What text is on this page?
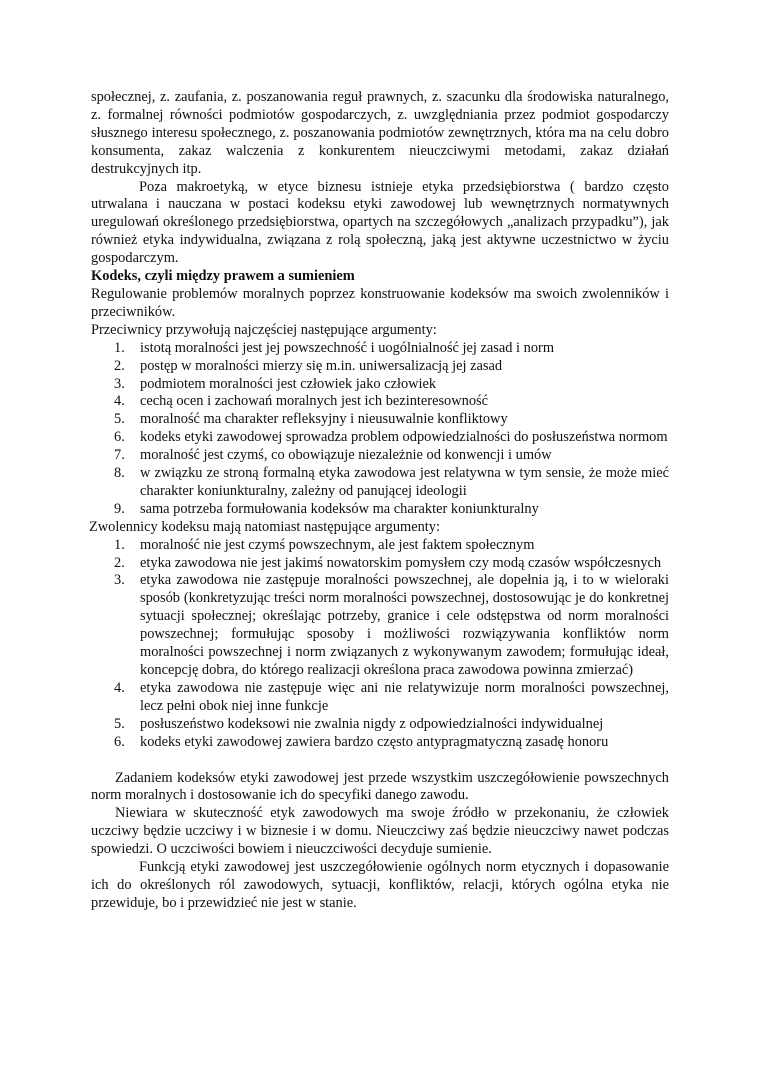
społecznej, z. zaufania, z. poszanowania reguł prawnych, z. szacunku dla środowiska naturalnego, z. formalnej równości podmiotów gospodarczych, z. uwzględniania przez podmiot gospodarczy słusznego interesu społecznego, z. poszanowania podmiotów zewnętrznych, która ma na celu dobro konsumenta, zakaz walczenia z konkurentem nieuczciwymi metodami, zakaz działań destrukcyjnych itp.

Poza makroetyką, w etyce biznesu istnieje etyka przedsiębiorstwa ( bardzo często utrwalana i nauczana w postaci kodeksu etyki zawodowej lub wewnętrznych normatywnych uregulowań określonego przedsiębiorstwa, opartych na szczegółowych „analizach przypadku”), jak również etyka indywidualna, związana z rolą społeczną, jaką jest aktywne uczestnictwo w życiu gospodarczym.

Kodeks, czyli między prawem a sumieniem

Regulowanie problemów moralnych poprzez konstruowanie kodeksów ma swoich zwolenników i przeciwników.

Przeciwnicy przywołują najczęściej następujące argumenty:

1. istotą moralności jest jej powszechność i uogólnialność jej zasad i norm
2. postęp w moralności mierzy się m.in. uniwersalizacją jej zasad
3. podmiotem moralności jest człowiek jako człowiek
4. cechą ocen i zachowań moralnych jest ich bezinteresowność
5. moralność ma charakter refleksyjny i nieusuwalnie konfliktowy
6. kodeks etyki zawodowej sprowadza problem odpowiedzialności do posłuszeństwa normom
7. moralność jest czymś, co obowiązuje niezależnie od konwencji i umów
8. w związku ze stroną formalną etyka zawodowa jest relatywna w tym sensie, że może mieć charakter koniunkturalny, zależny od panującej ideologii
9. sama potrzeba formułowania kodeksów ma charakter koniunkturalny

Zwolennicy kodeksu mają natomiast następujące argumenty:

1. moralność nie jest czymś powszechnym, ale jest faktem społecznym
2. etyka zawodowa nie jest jakimś nowatorskim pomysłem czy modą czasów współczesnych
3. etyka zawodowa nie zastępuje moralności powszechnej, ale dopełnia ją, i to w wieloraki sposób (konkretyzując treści norm moralności powszechnej, dostosowując je do konkretnej sytuacji społecznej; określając potrzeby, granice i cele odstępstwa od norm moralności powszechnej; formułując sposoby i możliwości rozwiązywania konfliktów norm moralności powszechnej i norm związanych z wykonywanym zawodem; formułując ideał, koncepcję dobra, do którego realizacji określona praca zawodowa powinna zmierzać)
4. etyka zawodowa nie zastępuje więc ani nie relatywizuje norm moralności powszechnej, lecz pełni obok niej inne funkcje
5. posłuszeństwo kodeksowi nie zwalnia nigdy z odpowiedzialności indywidualnej
6. kodeks etyki zawodowej zawiera bardzo często antypragmatyczną zasadę honoru

Zadaniem kodeksów etyki zawodowej jest przede wszystkim uszczegółowienie powszechnych norm moralnych i dostosowanie ich do specyfiki danego zawodu.

Niewiara w skuteczność etyk zawodowych ma swoje źródło w przekonaniu, że człowiek uczciwy będzie uczciwy i w biznesie i w domu. Nieuczciwy zaś będzie nieuczciwy nawet podczas spowiedzi. O uczciwości bowiem i nieuczciwości decyduje sumienie.

Funkcją etyki zawodowej jest uszczegółowienie ogólnych norm etycznych i dopasowanie ich do określonych ról zawodowych, sytuacji, konfliktów, relacji, których ogólna etyka nie przewiduje, bo i przewidzieć nie jest w stanie.
